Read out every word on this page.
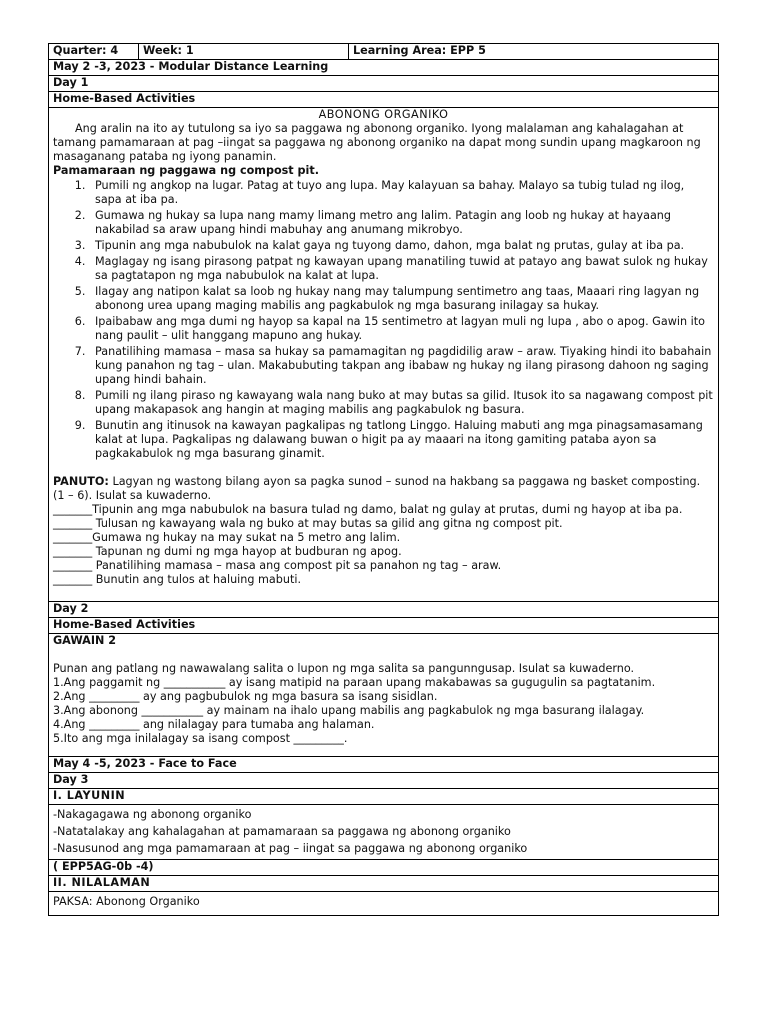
Quarter: 4	Week: 1	Learning Area: EPP 5
May 2 -3, 2023 - Modular Distance Learning
Day 1
Home-Based Activities

ABONONG ORGANIKO

Ang aralin na ito ay tutulong sa iyo sa paggawa ng abonong organiko. Iyong malalaman ang kahalagahan at tamang pamamaraan at pag –iingat sa paggawa ng abonong organiko na dapat mong sundin upang magkaroon ng masaganang pataba ng iyong panamin.

Pamamaraan ng paggawa ng compost pit.

1. Pumili ng angkop na lugar. Patag at tuyo ang lupa. May kalayuan sa bahay. Malayo sa tubig tulad ng ilog, sapa at iba pa.
2. Gumawa ng hukay sa lupa nang mamy limang metro ang lalim. Patagin ang loob ng hukay at hayaang nakabilad sa araw upang hindi mabuhay ang anumang mikrobyo.
3. Tipunin ang mga nabubulok na kalat gaya ng tuyong damo, dahon, mga balat ng prutas, gulay at iba pa.
4. Maglagay ng isang pirasong patpat ng kawayan upang manatiling tuwid at patayo ang bawat sulok ng hukay sa pagtatapon ng mga nabubulok na kalat at lupa.
5. Ilagay ang natipon kalat sa loob ng hukay nang may talumpung sentimetro ang taas, Maaari ring lagyan ng abonong urea upang maging mabilis ang pagkabulok ng mga basurang inilagay sa hukay.
6. Ipaibabaw ang mga dumi ng hayop sa kapal na 15 sentimetro at lagyan muli ng lupa , abo o apog. Gawin ito nang paulit – ulit hanggang mapuno ang hukay.
7. Panatilihing mamasa – masa sa hukay sa pamamagitan ng pagdidilig araw – araw. Tiyaking hindi ito babahain kung panahon ng tag – ulan. Makabubuting takpan ang ibabaw ng hukay ng ilang pirasong dahoon ng saging upang hindi bahain.
8. Pumili ng ilang piraso ng kawayang wala nang buko at may butas sa gilid. Itusok ito sa nagawang compost pit upang makapasok ang hangin at maging mabilis ang pagkabulok ng basura.
9. Bunutin ang itinusok na kawayan pagkalipas ng tatlong Linggo. Haluing mabuti ang mga pinagsamasamang kalat at lupa. Pagkalipas ng dalawang buwan o higit pa ay maaari na itong gamiting pataba ayon sa pagkakabulok ng mga basurang ginamit.

PANUTO: Lagyan ng wastong bilang ayon sa pagka sunod – sunod na hakbang sa paggawa ng basket composting. (1 – 6). Isulat sa kuwaderno.

_______Tipunin ang mga nabubulok na basura tulad ng damo, balat ng gulay at prutas, dumi ng hayop at iba pa.

_______ Tulusan ng kawayang wala ng buko at may butas sa gilid ang gitna ng compost pit.

_______Gumawa ng hukay na may sukat na 5 metro ang lalim.

_______ Tapunan ng dumi ng mga hayop at budburan ng apog.

_______ Panatilihing mamasa – masa ang compost pit sa panahon ng tag – araw.

_______ Bunutin ang tulos at haluing mabuti.

Day 2
Home-Based Activities

GAWAIN 2

Punan ang patlang ng nawawalang salita o lupon ng mga salita sa pangunngusap. Isulat sa kuwaderno.

1.Ang paggamit ng ___________ ay isang matipid na paraan upang makabawas sa gugugulin sa pagtatanim.

2.Ang _________ ay ang pagbubulok ng mga basura sa isang sisidlan.

3.Ang abonong ___________ ay mainam na ihalo upang mabilis ang pagkabulok ng mga basurang ilalagay.

4.Ang _________ ang nilalagay para tumaba ang halaman.

5.Ito ang mga inilalagay sa isang compost _________.

May 4 -5, 2023 - Face to Face
Day 3
I. LAYUNIN

-Nakagagawa ng abonong organiko

-Natatalakay ang kahalagahan at pamamaraan sa paggawa ng abonong organiko

-Nasusunod ang mga pamamaraan at pag – iingat sa paggawa ng abonong organiko

( EPP5AG-0b -4)
II. NILALAMAN

PAKSA: Abonong Organiko
